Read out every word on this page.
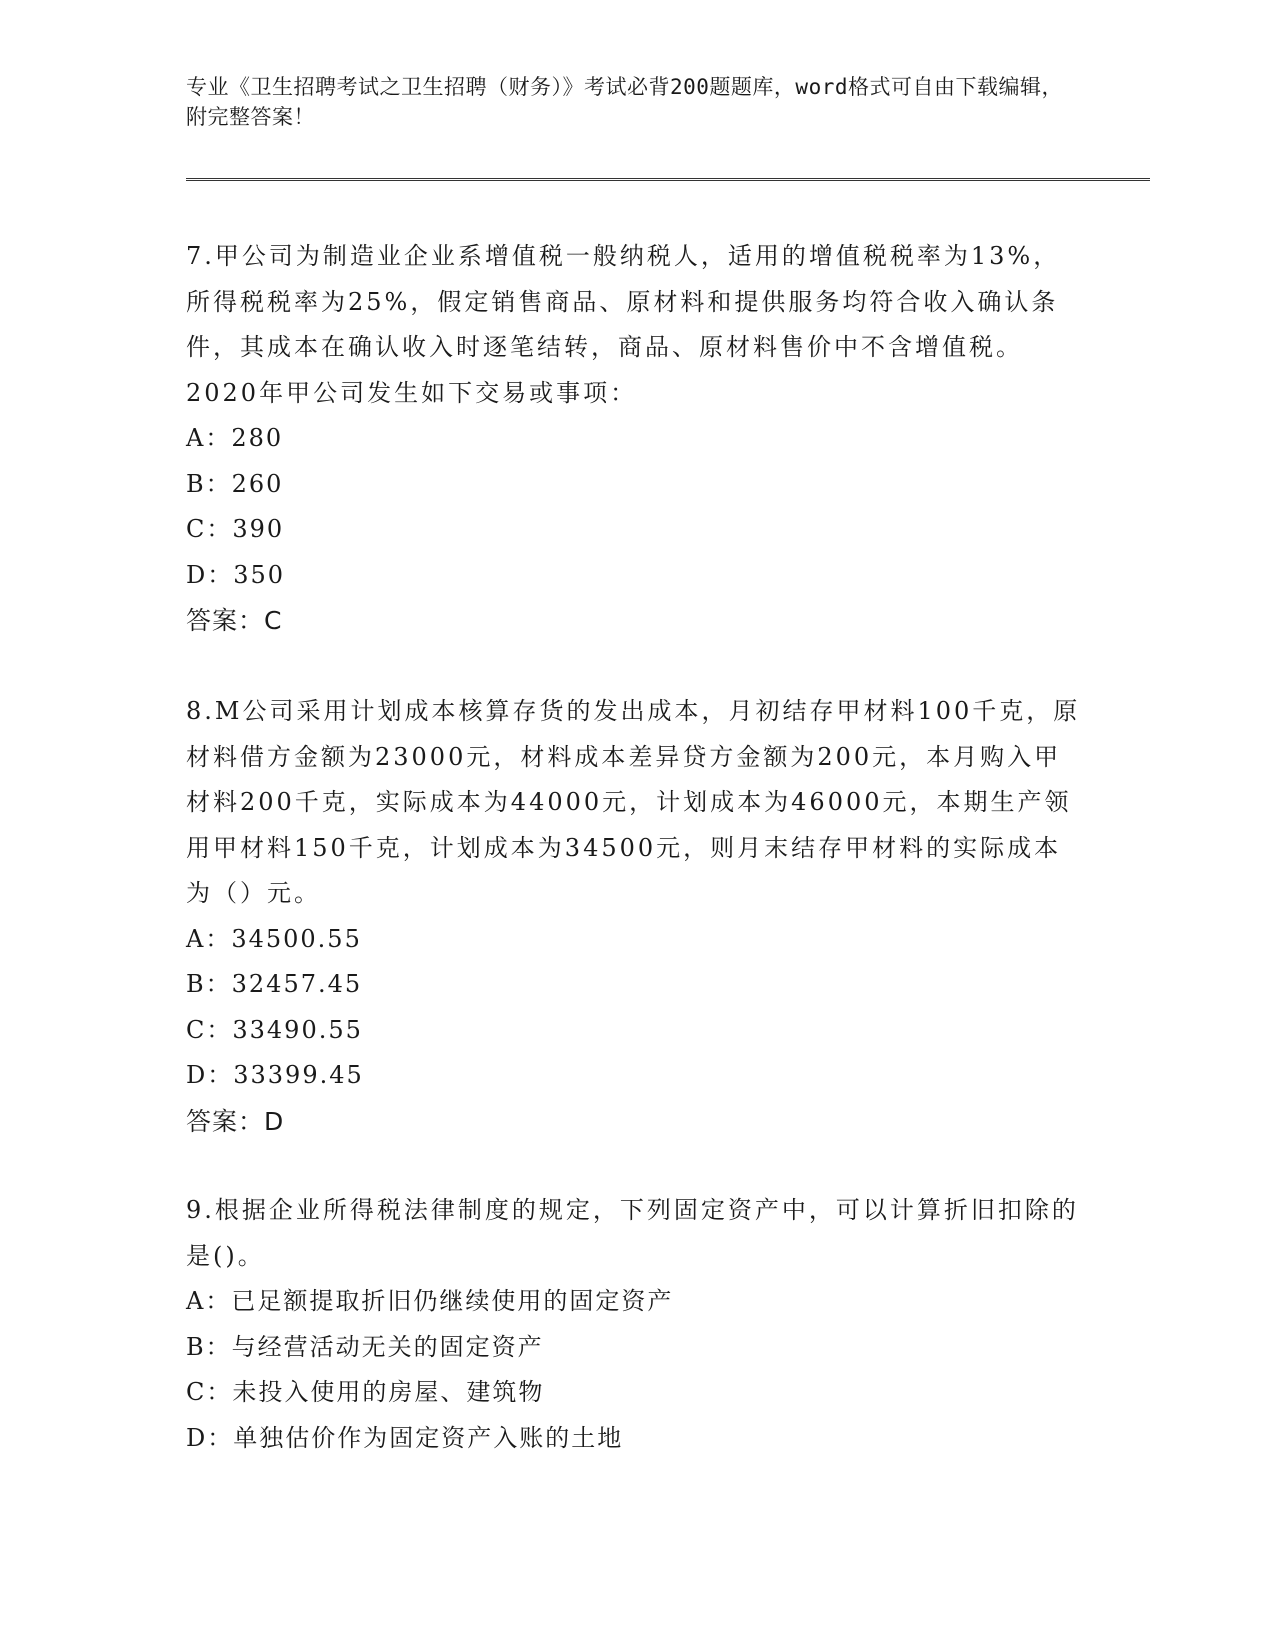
专业《卫生招聘考试之卫生招聘（财务）》考试必背200题题库，word格式可自由下载编辑，附完整答案！

7.甲公司为制造业企业系增值税一般纳税人，适用的增值税税率为13%，所得税税率为25%，假定销售商品、原材料和提供服务均符合收入确认条件，其成本在确认收入时逐笔结转，商品、原材料售价中不含增值税。2020年甲公司发生如下交易或事项：

A：280

B：260

C：390

D：350

答案：C

8.M公司采用计划成本核算存货的发出成本，月初结存甲材料100千克，原材料借方金额为23000元，材料成本差异贷方金额为200元，本月购入甲材料200千克，实际成本为44000元，计划成本为46000元，本期生产领用甲材料150千克，计划成本为34500元，则月末结存甲材料的实际成本为（）元。

A：34500.55

B：32457.45

C：33490.55

D：33399.45

答案：D

9.根据企业所得税法律制度的规定，下列固定资产中，可以计算折旧扣除的是()。

A：已足额提取折旧仍继续使用的固定资产

B：与经营活动无关的固定资产

C：未投入使用的房屋、建筑物

D：单独估价作为固定资产入账的土地
